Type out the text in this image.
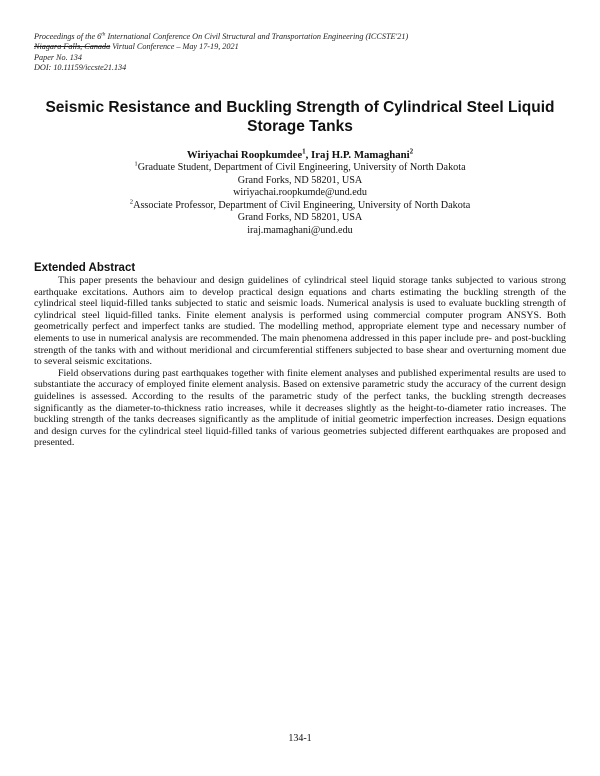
Proceedings of the 6th International Conference On Civil Structural and Transportation Engineering (ICCSTE'21)
Niagara Falls, Canada Virtual Conference – May 17-19, 2021
Paper No. 134
DOI: 10.11159/iccste21.134
Seismic Resistance and Buckling Strength of Cylindrical Steel Liquid
Storage Tanks
Wiriyachai Roopkumdee$^1$, Iraj H.P. Mamaghani$^2$
$^1$Graduate Student, Department of Civil Engineering, University of North Dakota
Grand Forks, ND 58201, USA
wiriyachai.roopkumde@und.edu
$^2$Associate Professor, Department of Civil Engineering, University of North Dakota
Grand Forks, ND 58201, USA
iraj.mamaghani@und.edu
Extended Abstract

This paper presents the behaviour and design guidelines of cylindrical steel liquid storage tanks subjected to various strong earthquake excitations. Authors aim to develop practical design equations and charts estimating the buckling strength of the cylindrical steel liquid-filled tanks subjected to static and seismic loads. Numerical analysis is used to evaluate buckling strength of cylindrical steel liquid-filled tanks. Finite element analysis is performed using commercial computer program ANSYS. Both geometrically perfect and imperfect tanks are studied. The modelling method, appropriate element type and necessary number of elements to use in numerical analysis are recommended. The main phenomena addressed in this paper include pre- and post-buckling strength of the tanks with and without meridional and circumferential stiffeners subjected to base shear and overturning moment due to several seismic excitations.

Field observations during past earthquakes together with finite element analyses and published experimental results are used to substantiate the accuracy of employed finite element analysis. Based on extensive parametric study the accuracy of the current design guidelines is assessed. According to the results of the parametric study of the perfect tanks, the buckling strength decreases significantly as the diameter-to-thickness ratio increases, while it decreases slightly as the height-to-diameter ratio increases. The buckling strength of the tanks decreases significantly as the amplitude of initial geometric imperfection increases. Design equations and design curves for the cylindrical steel liquid-filled tanks of various geometries subjected different earthquakes are proposed and presented.

134-1
